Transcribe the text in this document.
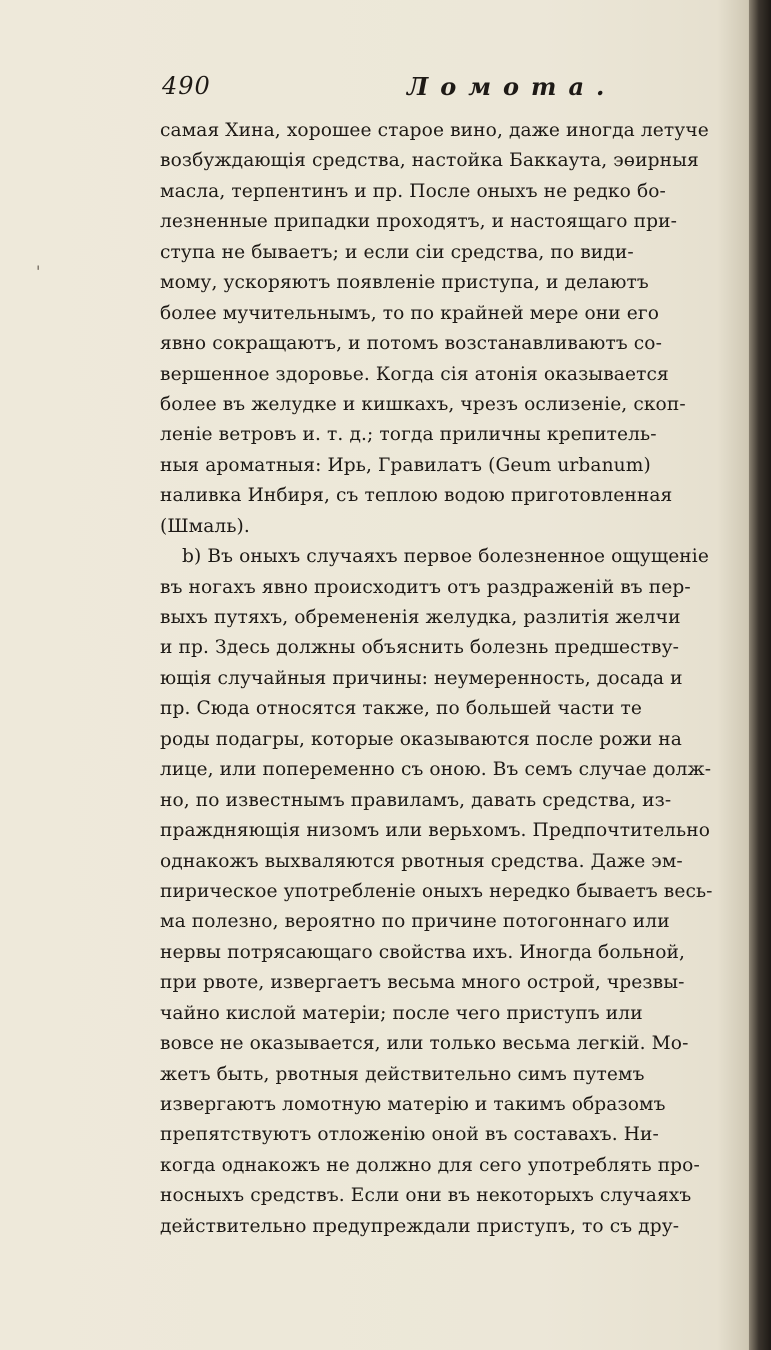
490	Ломота.
'
самая Хина, хорошее старое вино, даже иногда летуче
возбуждающія средства, настойка Баккаута, эөирныя
масла, терпентинъ и пр. После оныхъ не редко бо-
лезненные припадки проходятъ, и настоящаго при-
ступа не бываетъ; и если сіи средства, по види-
мому, ускоряютъ появленіе приступа, и делаютъ
более мучительнымъ, то по крайней мере они его
явно сокращаютъ, и потомъ возстанавливаютъ со-
вершенное здоровье. Когда сія атонія оказывается
более въ желудке и кишкахъ, чрезъ ослизеніе, скоп-
леніе ветровъ и. т. д.; тогда приличны крепитель-
ныя ароматныя: Ирь, Гравилатъ (Geum urbanum)
наливка Инбиря, съ теплою водою приготовленная
(Шмаль).
b) Въ оныхъ случаяхъ первое болезненное ощущеніе
въ ногахъ явно происходитъ отъ раздраженій въ пер-
выхъ путяхъ, обремененія желудка, разлитія желчи
и пр. Здесь должны объяснить болезнь предшеству-
ющія случайныя причины: неумеренность, досада и
пр. Сюда относятся также, по большей части те
роды подагры, которые оказываются после рожи на
лице, или попеременно съ оною. Въ семъ случае долж-
но, по известнымъ правиламъ, давать средства, из-
праждняющія низомъ или верьхомъ. Предпочтительно
однакожъ выхваляются рвотныя средства. Даже эм-
пирическое употребленіе оныхъ нередко бываетъ весь-
ма полезно, вероятно по причине потогоннаго или
нервы потрясающаго свойства ихъ. Иногда больной,
при рвоте, извергаетъ весьма много острой, чрезвы-
чайно кислой матеріи; после чего приступъ или
вовсе не оказывается, или только весьма легкій. Мо-
жетъ быть, рвотныя действительно симъ путемъ
извергаютъ ломотную матерію и такимъ образомъ
препятствуютъ отложенію оной въ составахъ. Ни-
когда однакожъ не должно для сего употреблять про-
носныхъ средствъ. Если они въ некоторыхъ случаяхъ
действительно предупреждали приступъ, то съ дру-
